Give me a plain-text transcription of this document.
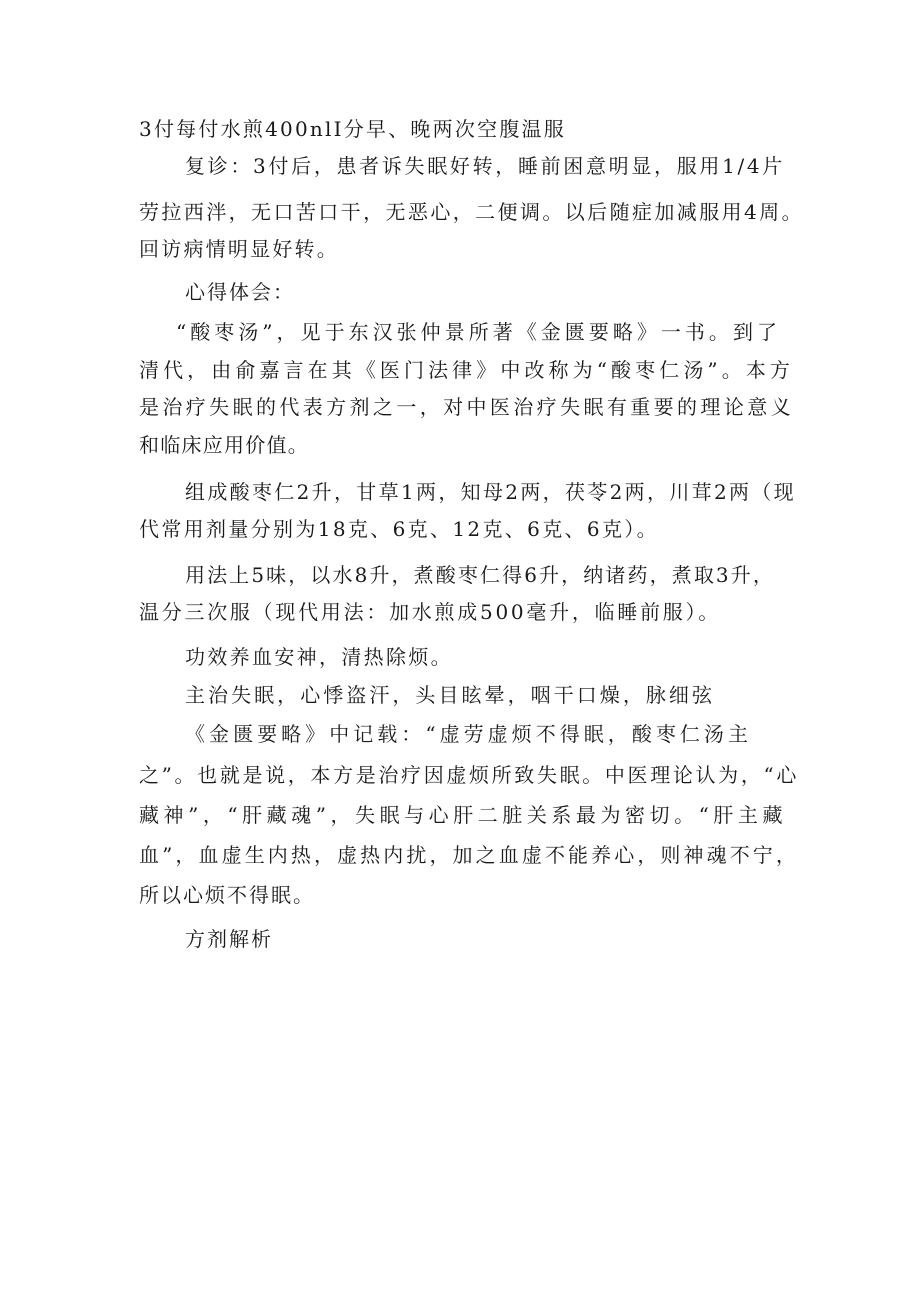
3付每付水煎400nlI分早、晚两次空腹温服
复诊：3付后，患者诉失眠好转，睡前困意明显，服用1/4片
劳拉西泮，无口苦口干，无恶心，二便调。以后随症加减服用4周。
回访病情明显好转。
心得体会：
“酸枣汤”，见于东汉张仲景所著《金匮要略》一书。到了
清代，由俞嘉言在其《医门法律》中改称为“酸枣仁汤”。本方
是治疗失眠的代表方剂之一，对中医治疗失眠有重要的理论意义
和临床应用价值。
组成酸枣仁2升，甘草1两，知母2两，茯苓2两，川茸2两（现
代常用剂量分别为18克、6克、12克、6克、6克）。
用法上5味，以水8升，煮酸枣仁得6升，纳诸药，煮取3升，
温分三次服（现代用法：加水煎成500毫升，临睡前服）。
功效养血安神，清热除烦。
主治失眠，心悸盗汗，头目眩晕，咽干口燥，脉细弦
《金匮要略》中记载：“虚劳虚烦不得眠，酸枣仁汤主
之”。也就是说，本方是治疗因虚烦所致失眠。中医理论认为，“心
藏神”，“肝藏魂”，失眠与心肝二脏关系最为密切。“肝主藏
血”，血虚生内热，虚热内扰，加之血虚不能养心，则神魂不宁，
所以心烦不得眠。
方剂解析
